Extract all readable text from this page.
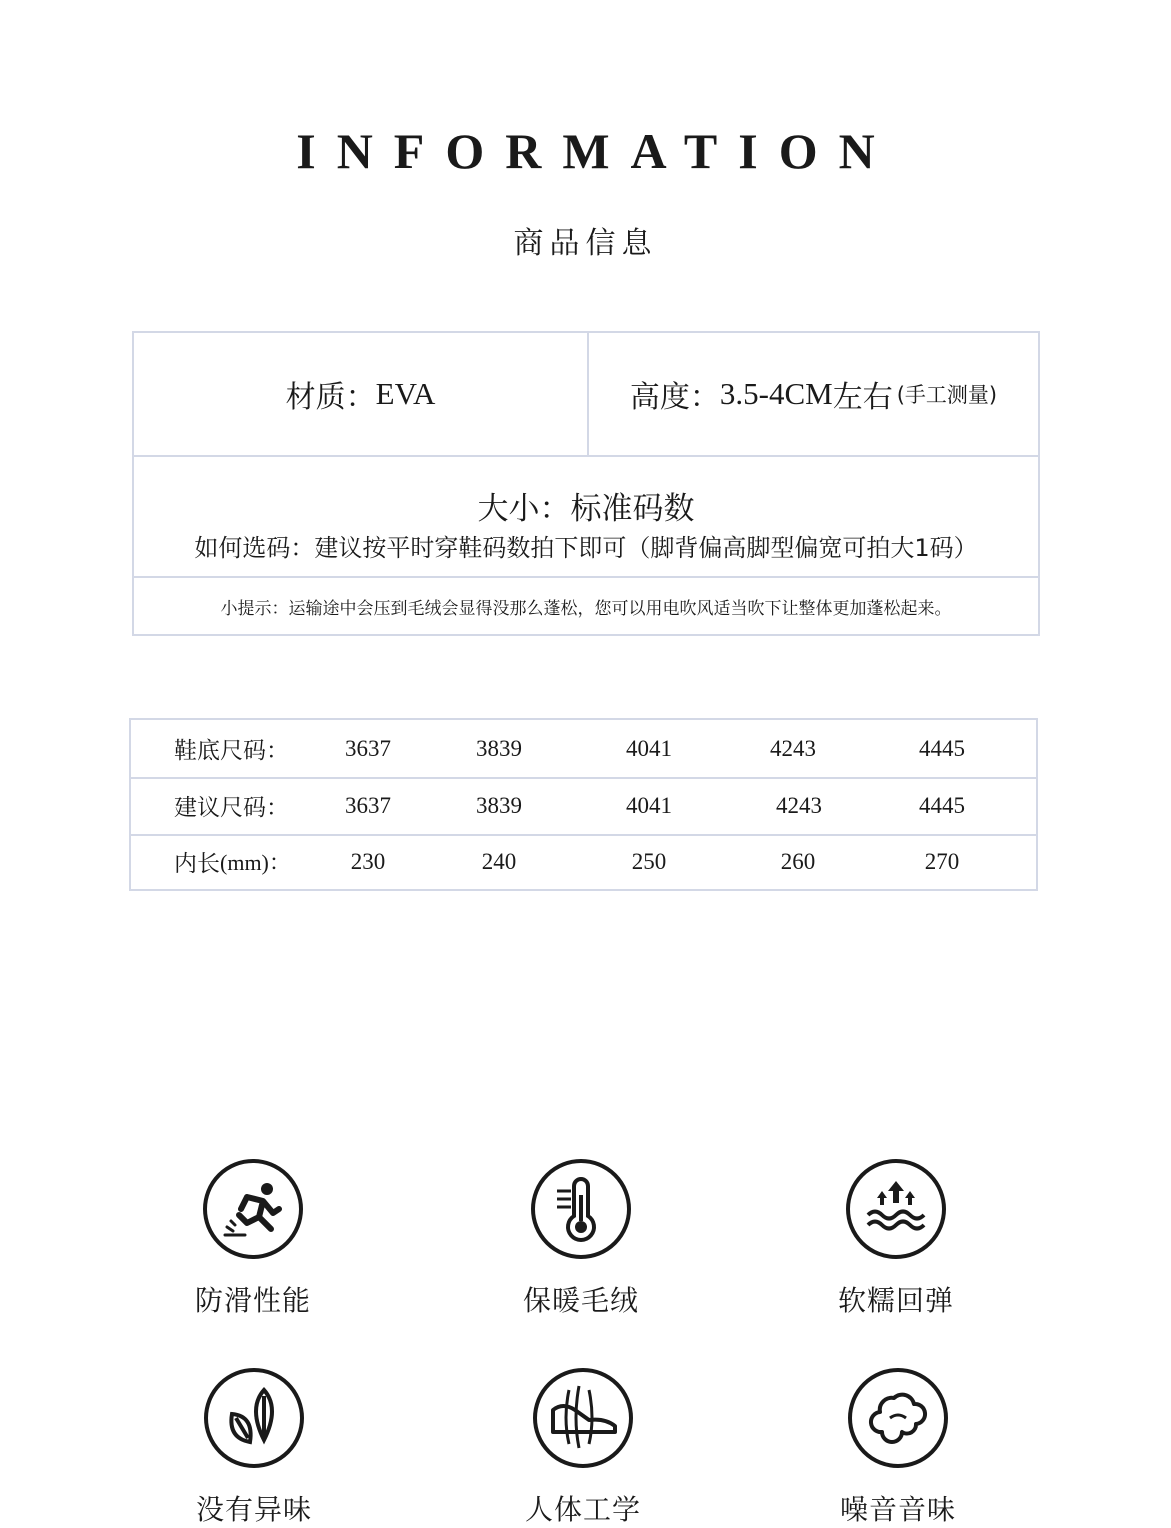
INFORMATION
商品信息
材质： EVA	高度： 3.5-4CM 左右 (手工测量)
大小：标准码数
如何选码：建议按平时穿鞋码数拍下即可（脚背偏高脚型偏宽可拍大1码）
小提示：运输途中会压到毛绒会显得没那么蓬松，您可以用电吹风适当吹下让整体更加蓬松起来。
鞋底尺码：	3637	3839	4041	4243	4445
建议尺码：	3637	3839	4041	4243	4445
内长 (mm)：	230	240	250	260	270
防滑性能	保暖毛绒	软糯回弹
没有异味	人体工学	噪音音味
